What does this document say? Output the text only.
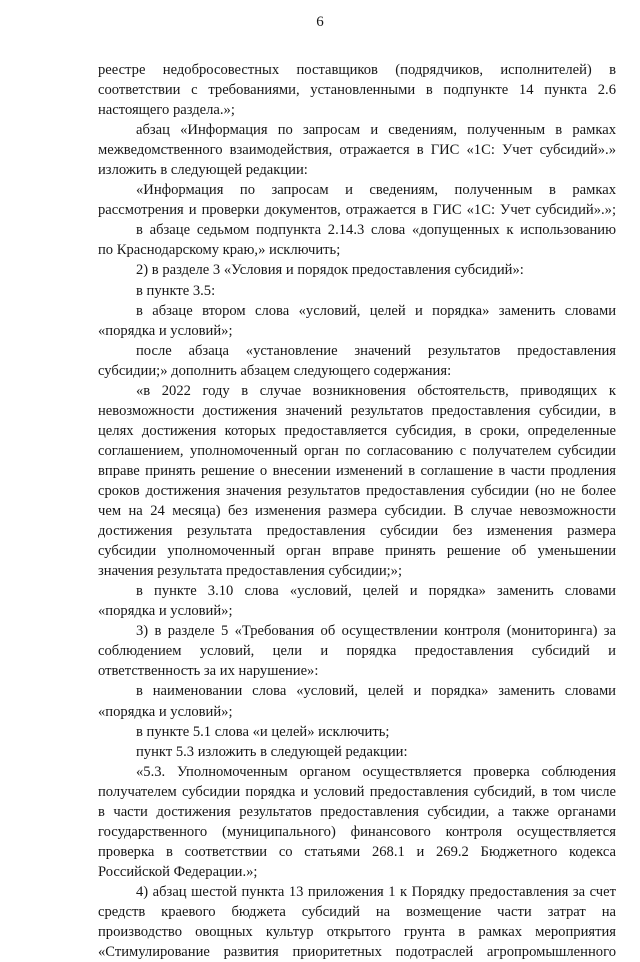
6
реестре недобросовестных поставщиков (подрядчиков, исполнителей) в
соответствии с требованиями, установленными в подпункте 14 пункта 2.6
настоящего раздела.»;
абзац «Информация по запросам и сведениям, полученным в рамках
межведомственного взаимодействия, отражается в ГИС «1С: Учет субсидий».»
изложить в следующей редакции:
«Информация по запросам и сведениям, полученным в рамках
рассмотрения и проверки документов, отражается в ГИС «1С: Учет субсидий».»;
в абзаце седьмом подпункта 2.14.3 слова «допущенных к использованию
по Краснодарскому краю,» исключить;
2) в разделе 3 «Условия и порядок предоставления субсидий»:
в пункте 3.5:
в абзаце втором слова «условий, целей и порядка» заменить словами
«порядка и условий»;
после абзаца «установление значений результатов предоставления
субсидии;» дополнить абзацем следующего содержания:
«в 2022 году в случае возникновения обстоятельств, приводящих к
невозможности достижения значений результатов предоставления субсидии, в
целях достижения которых предоставляется субсидия, в сроки, определенные
соглашением, уполномоченный орган по согласованию с получателем субсидии
вправе принять решение о внесении изменений в соглашение в части продления
сроков достижения значения результатов предоставления субсидии (но не более
чем на 24 месяца) без изменения размера субсидии. В случае невозможности
достижения результата предоставления субсидии без изменения размера
субсидии уполномоченный орган вправе принять решение об уменьшении
значения результата предоставления субсидии;»;
в пункте 3.10 слова «условий, целей и порядка» заменить словами
«порядка и условий»;
3) в разделе 5 «Требования об осуществлении контроля (мониторинга) за
соблюдением условий, цели и порядка предоставления субсидий и
ответственность за их нарушение»:
в наименовании слова «условий, целей и порядка» заменить словами
«порядка и условий»;
в пункте 5.1 слова «и целей» исключить;
пункт 5.3 изложить в следующей редакции:
«5.3. Уполномоченным органом осуществляется проверка соблюдения
получателем субсидии порядка и условий предоставления субсидий, в том числе
в части достижения результатов предоставления субсидии, а также органами
государственного (муниципального) финансового контроля осуществляется
проверка в соответствии со статьями 268.1 и 269.2 Бюджетного кодекса
Российской Федерации.»;
4) абзац шестой пункта 13 приложения 1 к Порядку предоставления за счет
средств краевого бюджета субсидий на возмещение части затрат на
производство овощных культур открытого грунта в рамках мероприятия
«Стимулирование развития приоритетных подотраслей агропромышленного
